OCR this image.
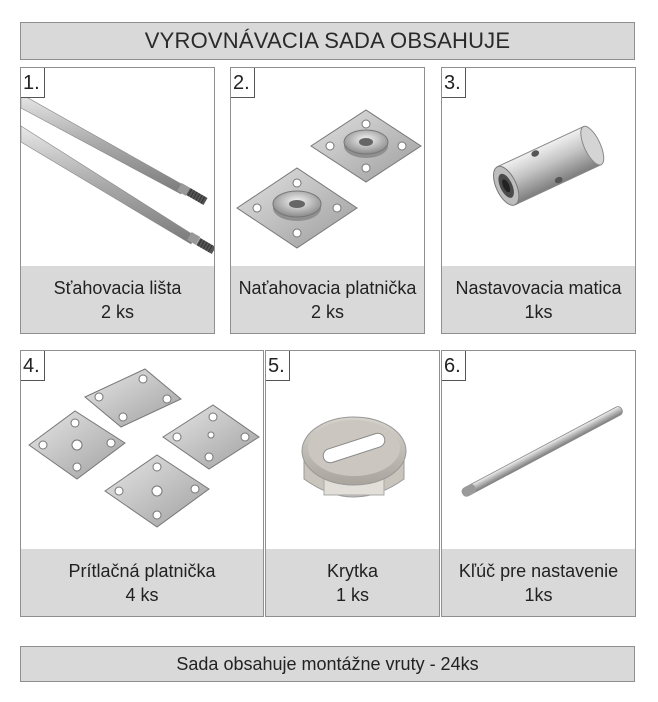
VYROVNÁVACIA SADA OBSAHUJE
1.
Sťahovacia lišta
2 ks
2.
Naťahovacia platnička
2 ks
3.
Nastavovacia matica
1ks
4.
Prítlačná platnička
4 ks
5.
Krytka
1 ks
6.
Kľúč pre nastavenie
1ks
Sada obsahuje montážne vruty - 24ks
